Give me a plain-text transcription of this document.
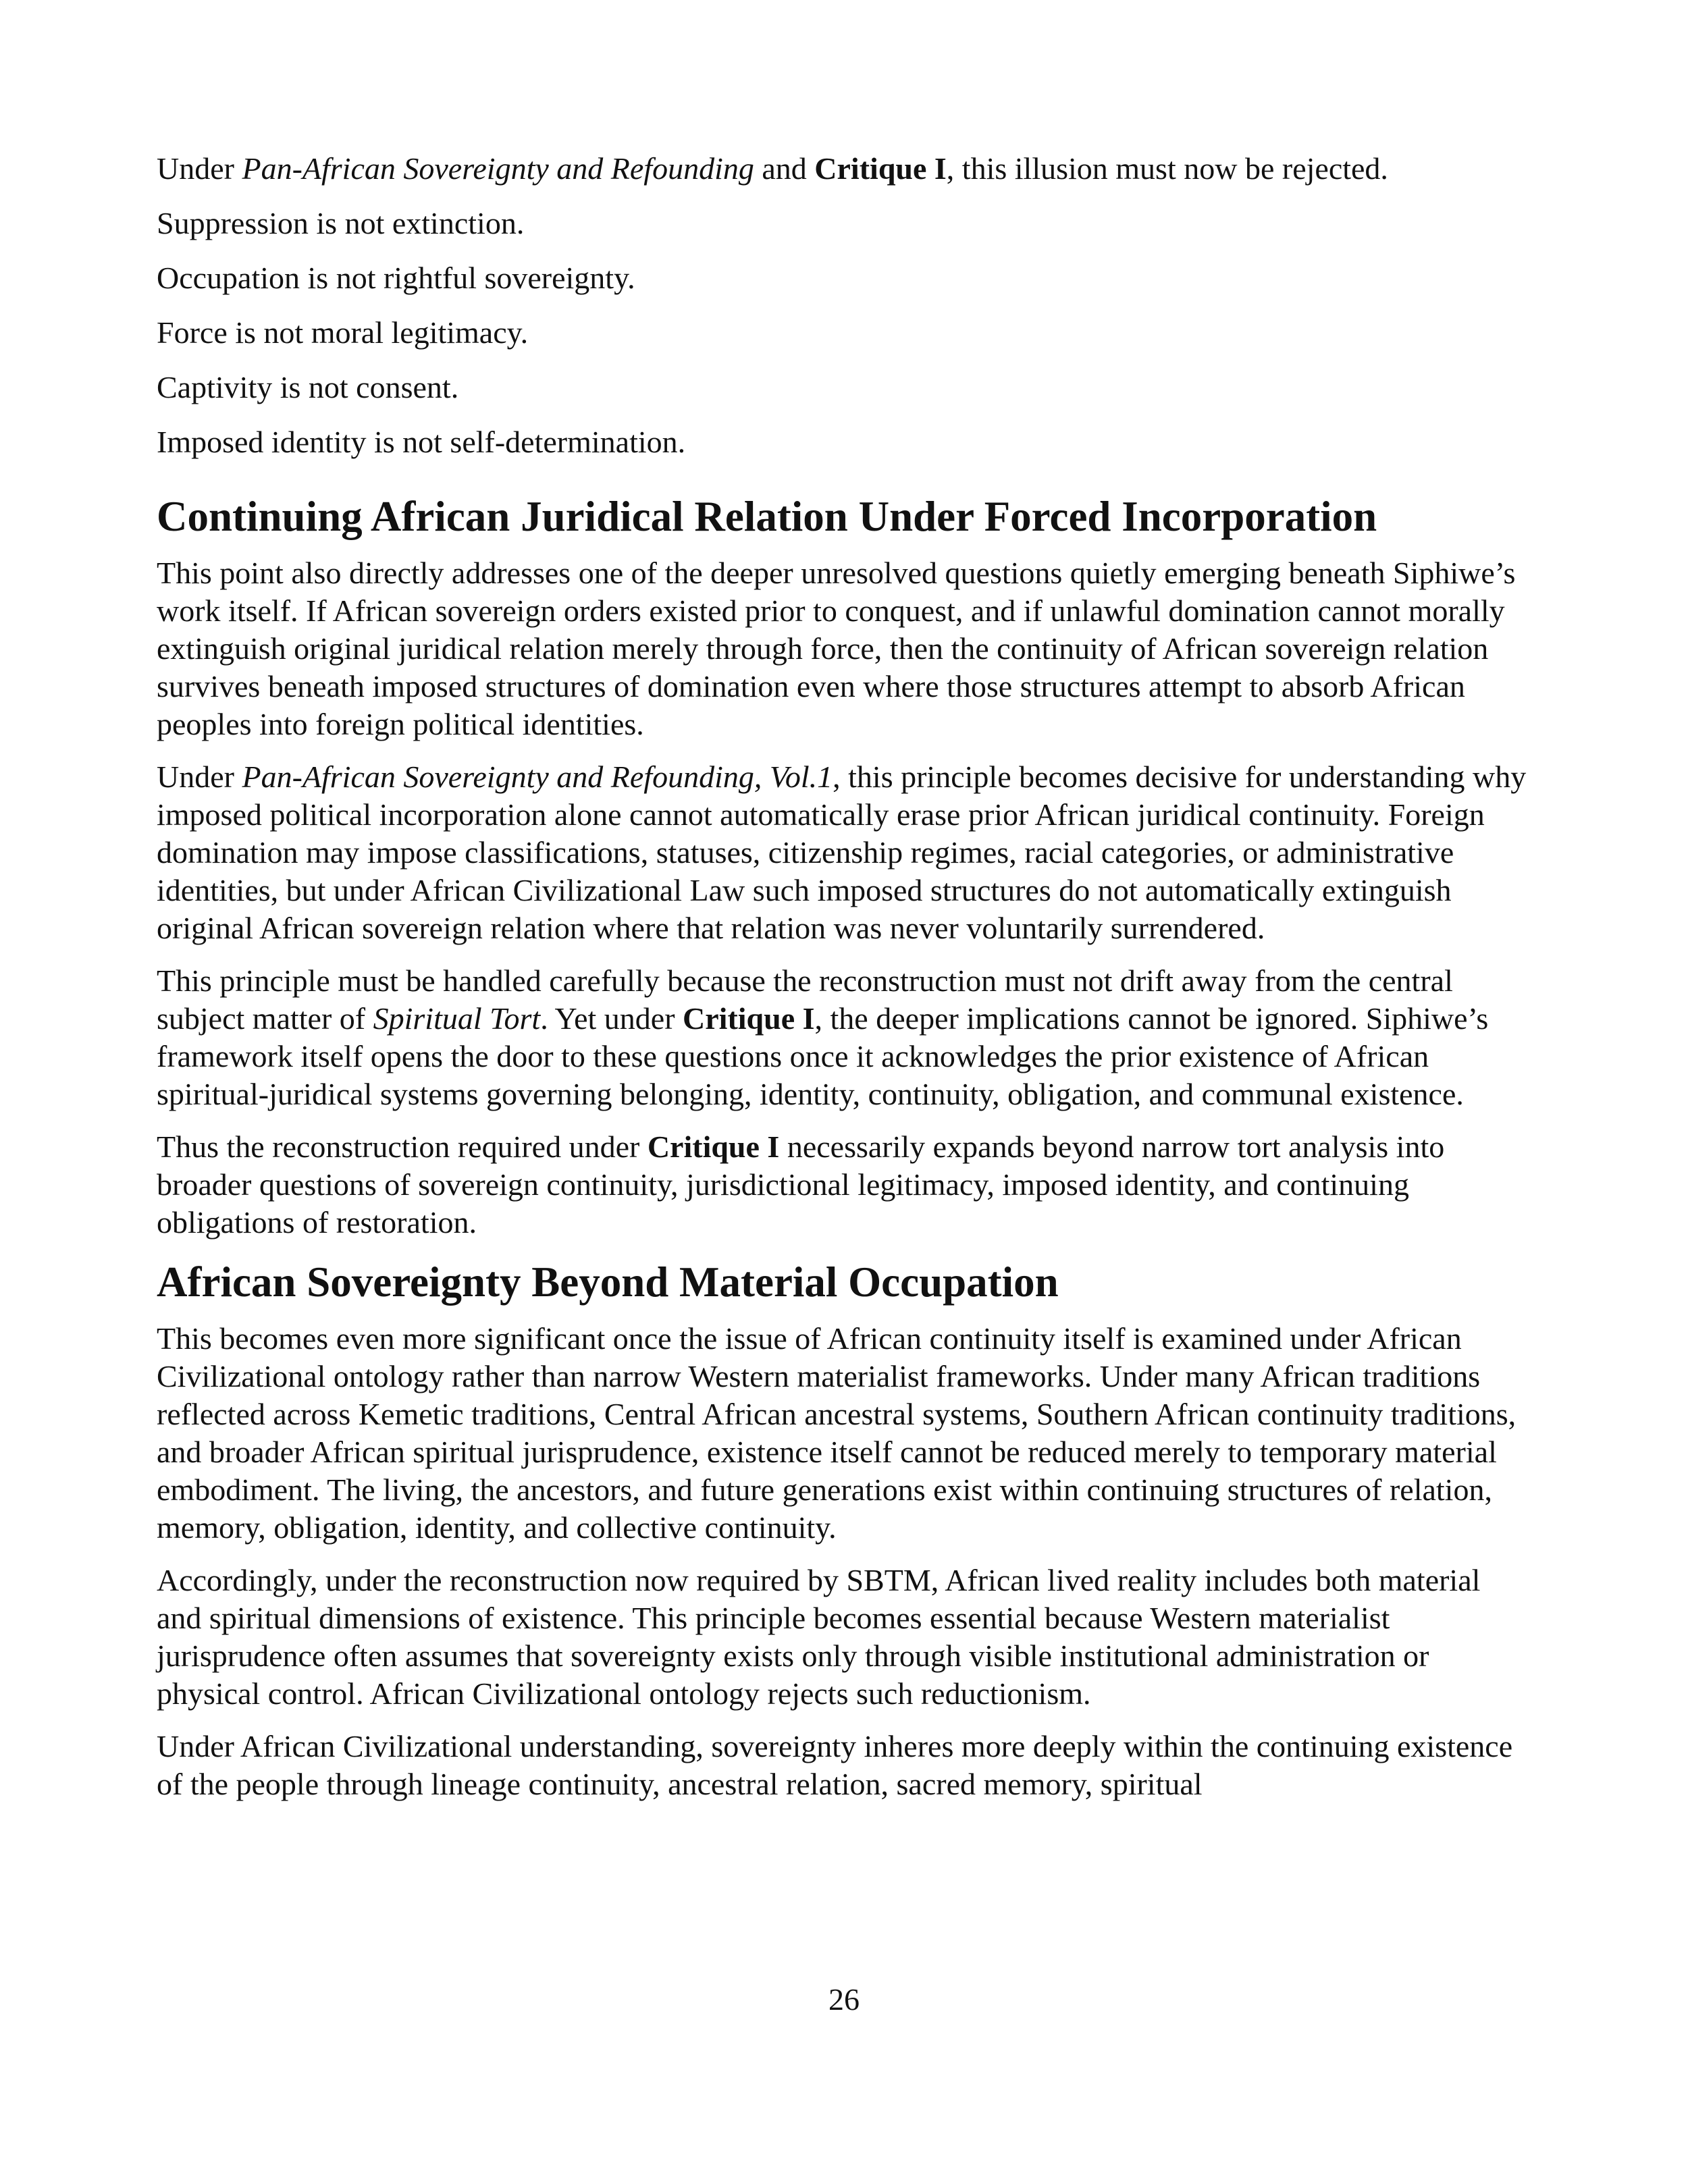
Under Pan-African Sovereignty and Refounding and Critique I, this illusion must now be rejected.

Suppression is not extinction.

Occupation is not rightful sovereignty.

Force is not moral legitimacy.

Captivity is not consent.

Imposed identity is not self-determination.

Continuing African Juridical Relation Under Forced Incorporation

This point also directly addresses one of the deeper unresolved questions quietly emerging beneath Siphiwe’s work itself. If African sovereign orders existed prior to conquest, and if unlawful domination cannot morally extinguish original juridical relation merely through force, then the continuity of African sovereign relation survives beneath imposed structures of domination even where those structures attempt to absorb African peoples into foreign political identities.

Under Pan-African Sovereignty and Refounding, Vol.1, this principle becomes decisive for understanding why imposed political incorporation alone cannot automatically erase prior African juridical continuity. Foreign domination may impose classifications, statuses, citizenship regimes, racial categories, or administrative identities, but under African Civilizational Law such imposed structures do not automatically extinguish original African sovereign relation where that relation was never voluntarily surrendered.

This principle must be handled carefully because the reconstruction must not drift away from the central subject matter of Spiritual Tort. Yet under Critique I, the deeper implications cannot be ignored. Siphiwe’s framework itself opens the door to these questions once it acknowledges the prior existence of African spiritual-juridical systems governing belonging, identity, continuity, obligation, and communal existence.

Thus the reconstruction required under Critique I necessarily expands beyond narrow tort analysis into broader questions of sovereign continuity, jurisdictional legitimacy, imposed identity, and continuing obligations of restoration.

African Sovereignty Beyond Material Occupation

This becomes even more significant once the issue of African continuity itself is examined under African Civilizational ontology rather than narrow Western materialist frameworks. Under many African traditions reflected across Kemetic traditions, Central African ancestral systems, Southern African continuity traditions, and broader African spiritual jurisprudence, existence itself cannot be reduced merely to temporary material embodiment. The living, the ancestors, and future generations exist within continuing structures of relation, memory, obligation, identity, and collective continuity.

Accordingly, under the reconstruction now required by SBTM, African lived reality includes both material and spiritual dimensions of existence. This principle becomes essential because Western materialist jurisprudence often assumes that sovereignty exists only through visible institutional administration or physical control. African Civilizational ontology rejects such reductionism.

Under African Civilizational understanding, sovereignty inheres more deeply within the continuing existence of the people through lineage continuity, ancestral relation, sacred memory, spiritual

26
